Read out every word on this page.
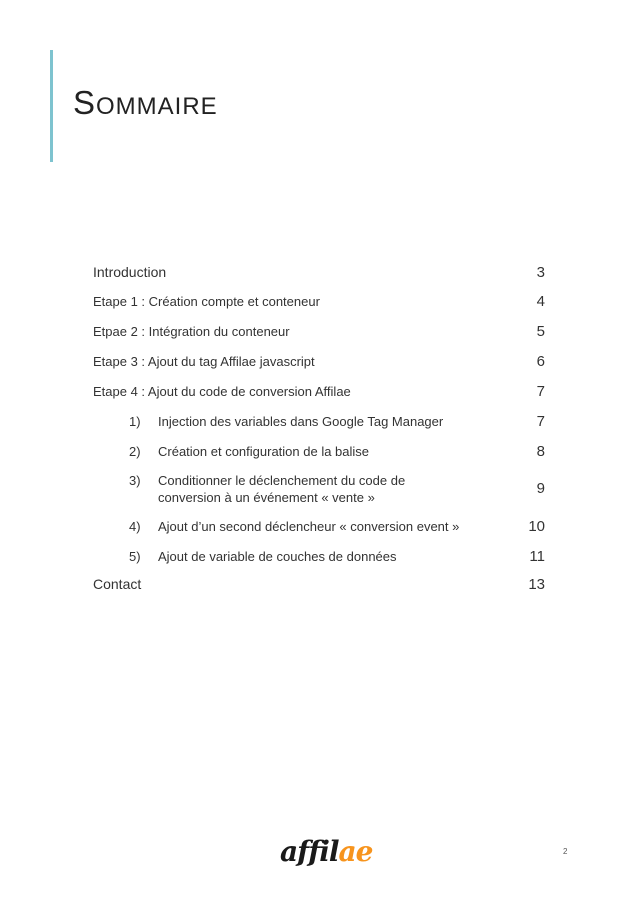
SOMMAIRE
Introduction	3
Etape 1 : Création compte et conteneur	4
Etpae 2 : Intégration du conteneur	5
Etape 3 : Ajout du tag Affilae javascript	6
Etape 4 : Ajout du code de conversion Affilae	7
1)	Injection des variables dans Google Tag Manager	7
2)	Création et configuration de la balise	8
3)	Conditionner le déclenchement du code de
conversion à un événement « vente »	9
4)	Ajout d’un second déclencheur « conversion event »	10
5)	Ajout de variable de couches de données	11
Contact	13
affilae	2
